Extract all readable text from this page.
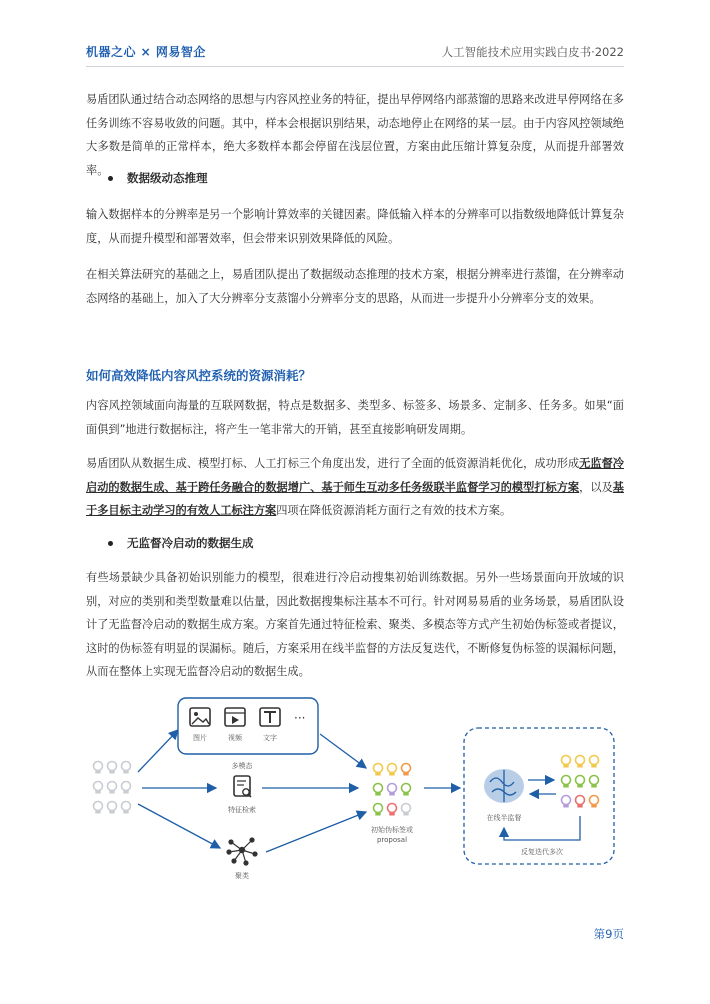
机器之心 × 网易智企	人工智能技术应用实践白皮书·2022

易盾团队通过结合动态网络的思想与内容风控业务的特征，提出早停网络内部蒸馏的思路来改进早停网络在多任务训练不容易收敛的问题。其中，样本会根据识别结果，动态地停止在网络的某一层。由于内容风控领域绝大多数是简单的正常样本，绝大多数样本都会停留在浅层位置，方案由此压缩计算复杂度，从而提升部署效率。

数据级动态推理

输入数据样本的分辨率是另一个影响计算效率的关键因素。降低输入样本的分辨率可以指数级地降低计算复杂度，从而提升模型和部署效率，但会带来识别效果降低的风险。

在相关算法研究的基础之上，易盾团队提出了数据级动态推理的技术方案，根据分辨率进行蒸馏，在分辨率动态网络的基础上，加入了大分辨率分支蒸馏小分辨率分支的思路，从而进一步提升小分辨率分支的效果。

如何高效降低内容风控系统的资源消耗？

内容风控领域面向海量的互联网数据，特点是数据多、类型多、标签多、场景多、定制多、任务多。如果“面面俱到”地进行数据标注，将产生一笔非常大的开销，甚至直接影响研发周期。

易盾团队从数据生成、模型打标、人工打标三个角度出发，进行了全面的低资源消耗优化，成功形成无监督冷启动的数据生成、基于跨任务融合的数据增广、基于师生互动多任务级联半监督学习的模型打标方案，以及基于多目标主动学习的有效人工标注方案四项在降低资源消耗方面行之有效的技术方案。

无监督冷启动的数据生成

有些场景缺少具备初始识别能力的模型，很难进行冷启动搜集初始训练数据。另外一些场景面向开放域的识别，对应的类别和类型数量难以估量，因此数据搜集标注基本不可行。针对网易易盾的业务场景，易盾团队设计了无监督冷启动的数据生成方案。方案首先通过特征检索、聚类、多模态等方式产生初始伪标签或者提议，这时的伪标签有明显的误漏标。随后，方案采用在线半监督的方法反复迭代，不断修复伪标签的误漏标问题，从而在整体上实现无监督冷启动的数据生成。

···
图片	视频	文字
多模态
特征检索
聚类
初始伪标签或
proposal
在线半监督
反复迭代多次
第9页
